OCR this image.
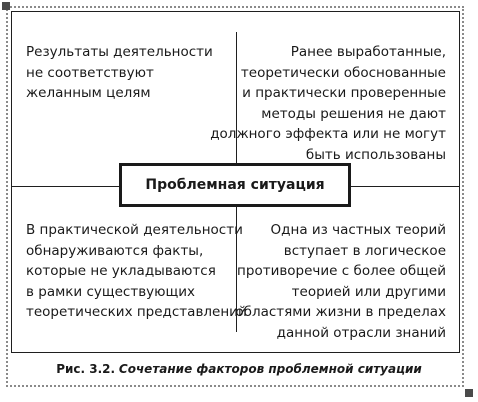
Результаты деятельности
не соответствуют
желанным целям
Ранее выработанные,
теоретически обоснованные
и практически проверенные
методы решения не дают
должного эффекта или не могут
быть использованы
В практической деятельности
обнаруживаются факты,
которые не укладываются
в рамки существующих
теоретических представлений
Одна из частных теорий
вступает в логическое
противоречие с более общей
теорией или другими
областями жизни в пределах
данной отрасли знаний
Проблемная ситуация
Рис. 3.2. Сочетание факторов проблемной ситуации
